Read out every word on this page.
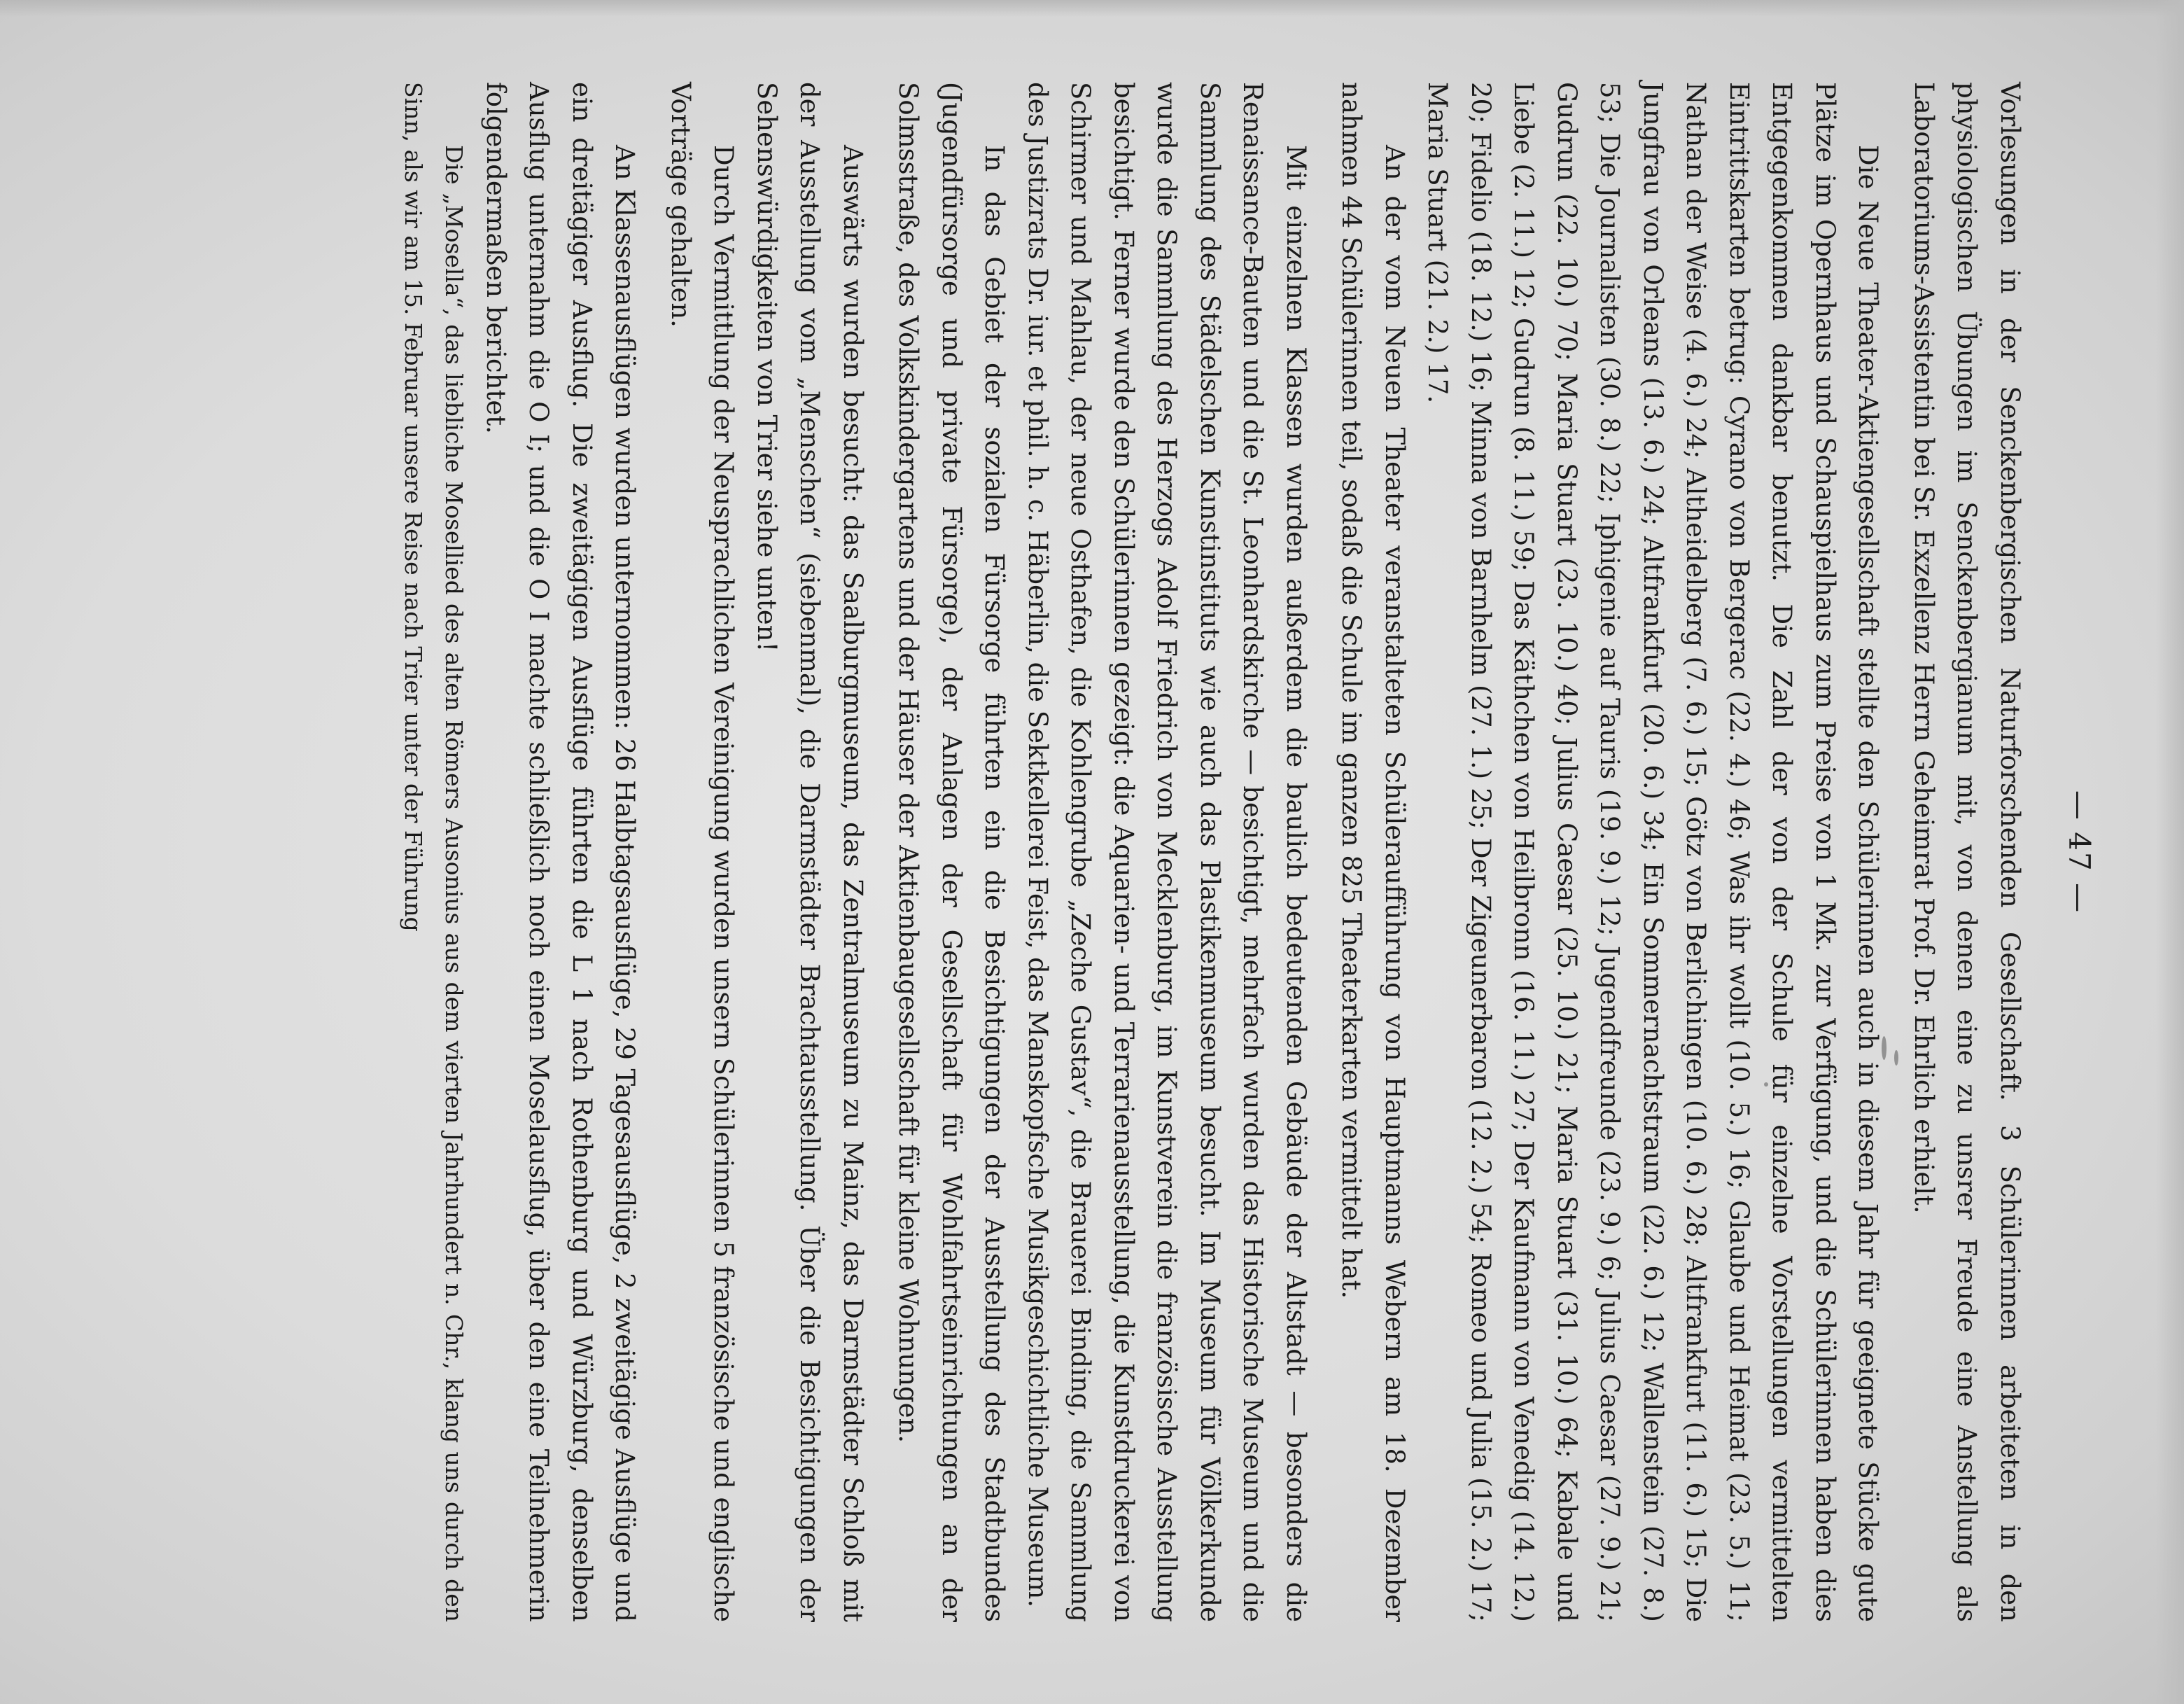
— 47 —

Vorlesungen in der Senckenbergischen Naturforschenden Gesellschaft. 3 Schülerinnen arbeiteten in den physiologischen Übungen im Senckenbergianum mit, von denen eine zu unsrer Freude eine Anstellung als Laboratoriums-Assistentin bei Sr. Exzellenz Herrn Geheimrat Prof. Dr. Ehrlich erhielt.

Die Neue Theater-Aktiengesellschaft stellte den Schülerinnen auch in diesem Jahr für geeignete Stücke gute Plätze im Opernhaus und Schauspielhaus zum Preise von 1 Mk. zur Verfügung, und die Schülerinnen haben dies Entgegenkommen dankbar benutzt. Die Zahl der von der Schule für einzelne Vorstellungen vermittelten Eintrittskarten betrug: Cyrano von Bergerac (22. 4.) 46; Was ihr wollt (10. 5.) 16; Glaube und Heimat (23. 5.) 11; Nathan der Weise (4. 6.) 24; Altheidelberg (7. 6.) 15; Götz von Berlichingen (10. 6.) 28; Altfrankfurt (11. 6.) 15; Die Jungfrau von Orleans (13. 6.) 24; Altfrankfurt (20. 6.) 34; Ein Sommernachtstraum (22. 6.) 12; Wallenstein (27. 8.) 53; Die Journalisten (30. 8.) 22; Iphigenie auf Tauris (19. 9.) 12; Jugendfreunde (23. 9.) 6; Julius Caesar (27. 9.) 21; Gudrun (22. 10.) 70; Maria Stuart (23. 10.) 40; Julius Caesar (25. 10.) 21; Maria Stuart (31. 10.) 64; Kabale und Liebe (2. 11.) 12; Gudrun (8. 11.) 59; Das Käthchen von Heilbronn (16. 11.) 27; Der Kaufmann von Venedig (14. 12.) 20; Fidelio (18. 12.) 16; Minna von Barnhelm (27. 1.) 25; Der Zigeunerbaron (12. 2.) 54; Romeo und Julia (15. 2.) 17; Maria Stuart (21. 2.) 17.

An der vom Neuen Theater veranstalteten Schüleraufführung von Hauptmanns Webern am 18. Dezember nahmen 44 Schülerinnen teil, sodaß die Schule im ganzen 825 Theaterkarten vermittelt hat.

Mit einzelnen Klassen wurden außerdem die baulich bedeutenden Gebäude der Altstadt — besonders die Renaissance-Bauten und die St. Leonhardskirche — besichtigt, mehrfach wurden das Historische Museum und die Sammlung des Städelschen Kunstinstituts wie auch das Plastikenmuseum besucht. Im Museum für Völkerkunde wurde die Sammlung des Herzogs Adolf Friedrich von Mecklenburg, im Kunstverein die französische Ausstellung besichtigt. Ferner wurde den Schülerinnen gezeigt: die Aquarien- und Terrarienausstellung, die Kunstdruckerei von Schirmer und Mahlau, der neue Osthafen, die Kohlengrube „Zeche Gustav“, die Brauerei Binding, die Sammlung des Justizrats Dr. iur. et phil. h. c. Häberlin, die Sektkellerei Feist, das Manskopfsche Musikgeschichtliche Museum.

In das Gebiet der sozialen Fürsorge führten ein die Besichtigungen der Ausstellung des Stadtbundes (Jugendfürsorge und private Fürsorge), der Anlagen der Gesellschaft für Wohlfahrtseinrichtungen an der Solmsstraße, des Volkskindergartens und der Häuser der Aktienbaugesellschaft für kleine Wohnungen.

Auswärts wurden besucht: das Saalburgmuseum, das Zentralmuseum zu Mainz, das Darmstädter Schloß mit der Ausstellung vom „Menschen“ (siebenmal), die Darmstädter Brachtausstellung. Über die Besichtigungen der Sehenswürdigkeiten von Trier siehe unten!

Durch Vermittlung der Neusprachlichen Vereinigung wurden unsern Schülerinnen 5 französische und englische Vorträge gehalten.

An Klassenausflügen wurden unternommen: 26 Halbtagsausflüge, 29 Tagesausflüge, 2 zweitägige Ausflüge und ein dreitägiger Ausflug. Die zweitägigen Ausflüge führten die L 1 nach Rothenburg und Würzburg, denselben Ausflug unternahm die O I; und die O I machte schließlich noch einen Moselausflug, über den eine Teilnehmerin folgendermaßen berichtet.

Die „Mosella“, das liebliche Mosellied des alten Römers Ausonius aus dem vierten Jahrhundert n. Chr., klang uns durch den Sinn, als wir am 15. Februar unsere Reise nach Trier unter der Führung
